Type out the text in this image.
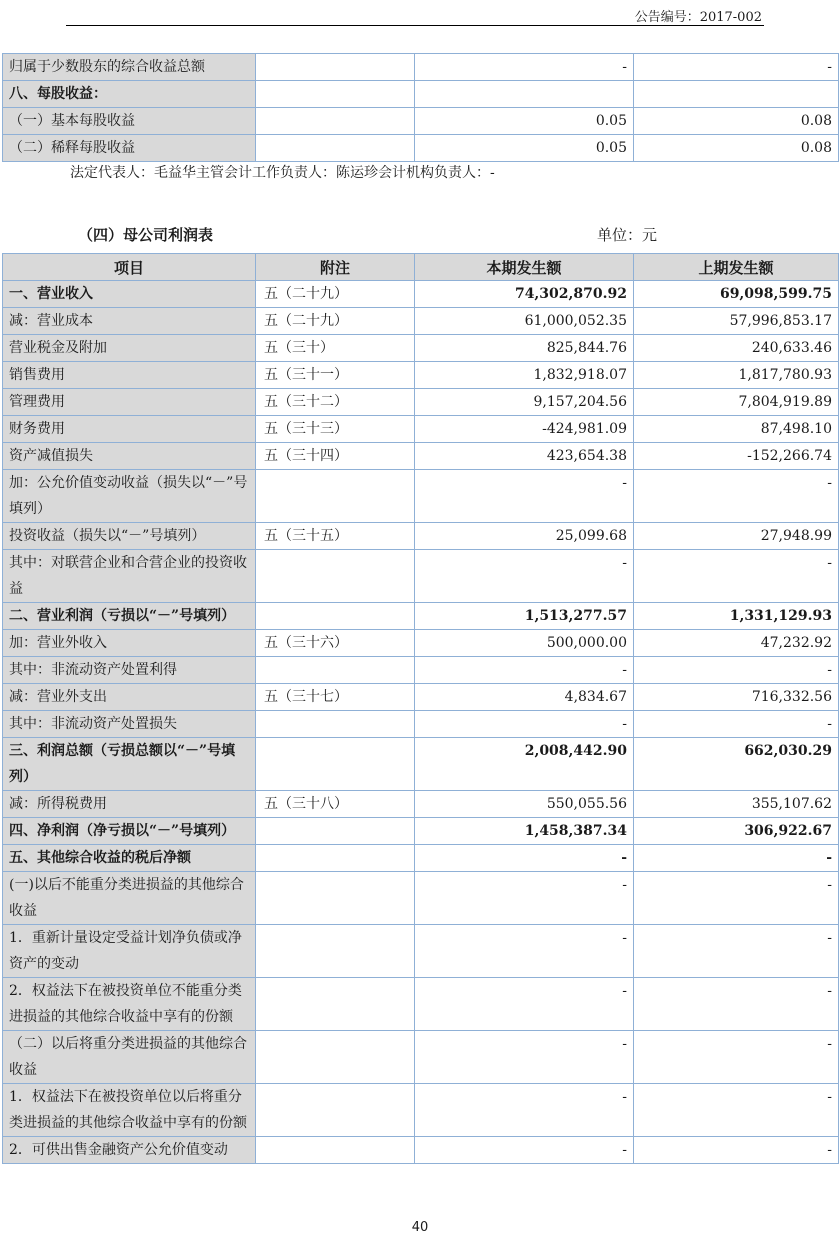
公告编号：2017-002
归属于少数股东的综合收益总额		-	-
八、每股收益：			
（一）基本每股收益		0.05	0.08
（二）稀释每股收益		0.05	0.08
法定代表人：毛益华主管会计工作负责人：陈运珍会计机构负责人：-
（四）母公司利润表	单位：元
项目	附注	本期发生额	上期发生额
一、营业收入	五（二十九）	74,302,870.92	69,098,599.75
减：营业成本	五（二十九）	61,000,052.35	57,996,853.17
营业税金及附加	五（三十）	825,844.76	240,633.46
销售费用	五（三十一）	1,832,918.07	1,817,780.93
管理费用	五（三十二）	9,157,204.56	7,804,919.89
财务费用	五（三十三）	-424,981.09	87,498.10
资产减值损失	五（三十四）	423,654.38	-152,266.74
加：公允价值变动收益（损失以“－”号填列）		-	-
投资收益（损失以“－”号填列）	五（三十五）	25,099.68	27,948.99
其中：对联营企业和合营企业的投资收益		-	-
二、营业利润（亏损以“－”号填列）		1,513,277.57	1,331,129.93
加：营业外收入	五（三十六）	500,000.00	47,232.92
其中：非流动资产处置利得		-	-
减：营业外支出	五（三十七）	4,834.67	716,332.56
其中：非流动资产处置损失		-	-
三、利润总额（亏损总额以“－”号填列）		2,008,442.90	662,030.29
减：所得税费用	五（三十八）	550,055.56	355,107.62
四、净利润（净亏损以“－”号填列）		1,458,387.34	306,922.67
五、其他综合收益的税后净额		-	-
(一)以后不能重分类进损益的其他综合收益		-	-
1．重新计量设定受益计划净负债或净资产的变动		-	-
2．权益法下在被投资单位不能重分类进损益的其他综合收益中享有的份额		-	-
（二）以后将重分类进损益的其他综合收益		-	-
1．权益法下在被投资单位以后将重分类进损益的其他综合收益中享有的份额		-	-
2．可供出售金融资产公允价值变动		-	-
40
